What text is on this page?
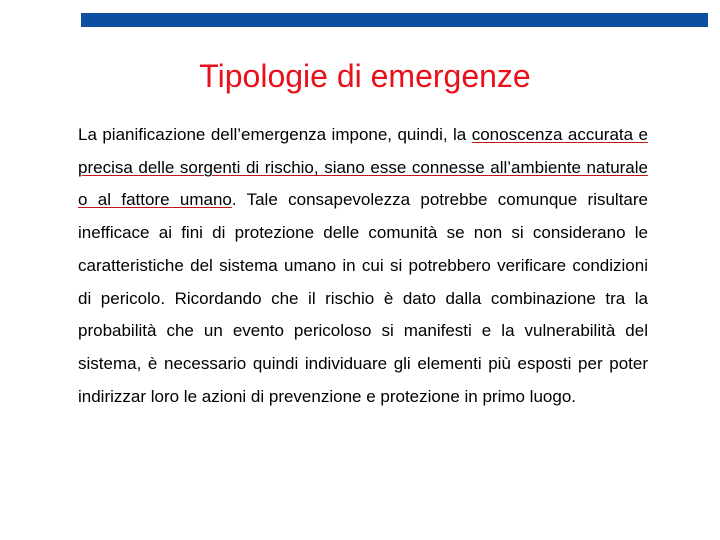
Tipologie di emergenze
La pianificazione dell’emergenza impone, quindi, la conoscenza accurata e precisa delle sorgenti di rischio, siano esse connesse all’ambiente naturale o al fattore umano. Tale consapevolezza potrebbe comunque risultare inefficace ai fini di protezione delle comunità se non si considerano le caratteristiche del sistema umano in cui si potrebbero verificare condizioni di pericolo. Ricordando che il rischio è dato dalla combinazione tra la probabilità che un evento pericoloso si manifesti e la vulnerabilità del sistema, è necessario quindi individuare gli elementi più esposti per poter indirizzar loro le azioni di prevenzione e protezione in primo luogo.
